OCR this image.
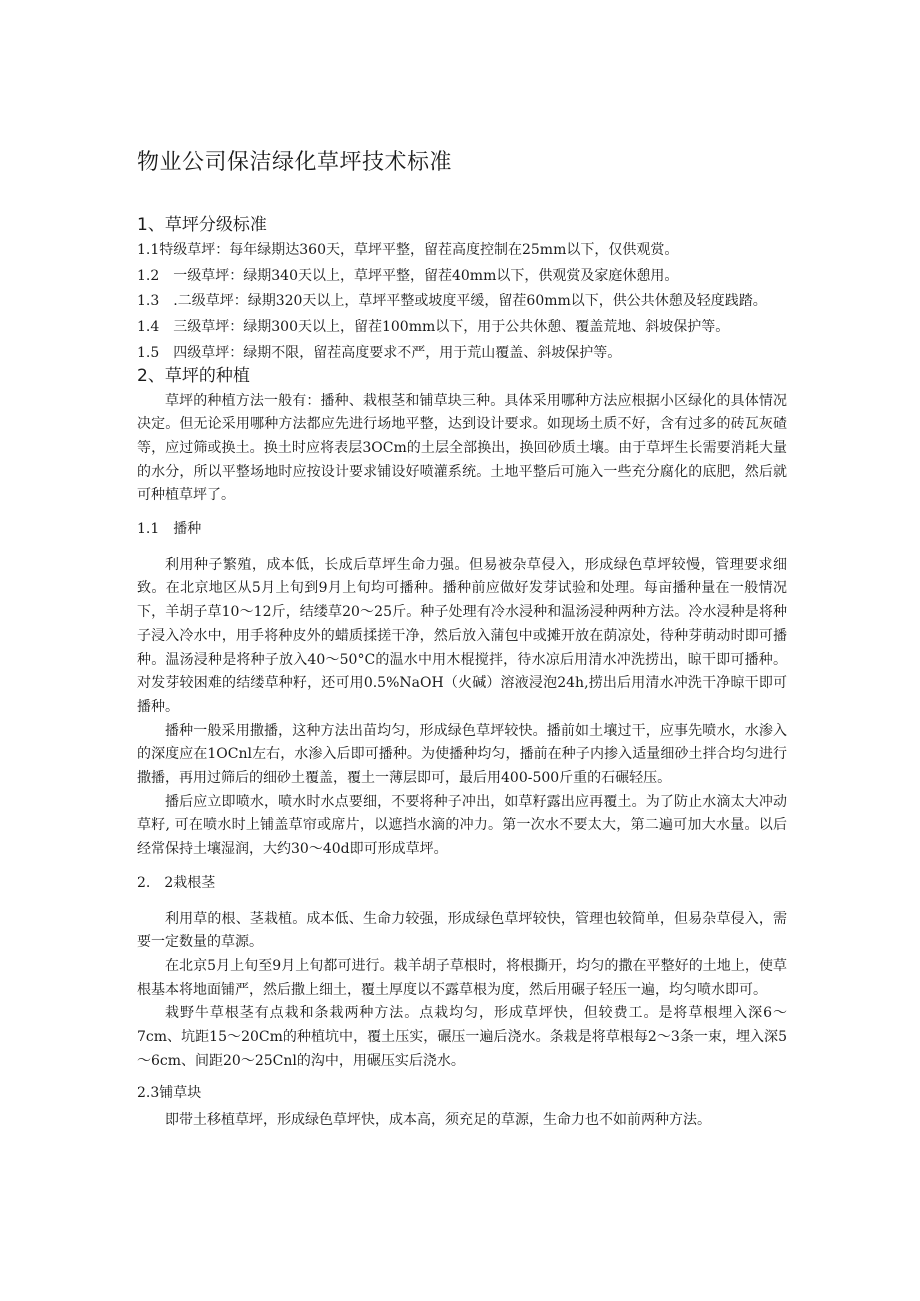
物业公司保洁绿化草坪技术标准
1、草坪分级标准
1.1特级草坪：每年绿期达360天，草坪平整，留茬高度控制在25mm以下，仅供观赏。
1.2　一级草坪：绿期340天以上，草坪平整，留茬40mm以下，供观赏及家庭休憩用。
1.3　.二级草坪：绿期320天以上，草坪平整或坡度平缓，留茬60mm以下，供公共休憩及轻度践踏。
1.4　三级草坪：绿期300天以上，留茬100mm以下，用于公共休憩、覆盖荒地、斜坡保护等。
1.5　四级草坪：绿期不限，留茬高度要求不严，用于荒山覆盖、斜坡保护等。
2、草坪的种植

草坪的种植方法一般有：播种、栽根茎和铺草块三种。具体采用哪种方法应根据小区绿化的具体情况决定。但无论采用哪种方法都应先进行场地平整，达到设计要求。如现场土质不好，含有过多的砖瓦灰碴等，应过筛或换土。换土时应将表层3OCm的土层全部换出，换回砂质土壤。由于草坪生长需要消耗大量的水分，所以平整场地时应按设计要求铺设好喷灌系统。土地平整后可施入一些充分腐化的底肥，然后就可种植草坪了。

1.1　播种

利用种子繁殖，成本低，长成后草坪生命力强。但易被杂草侵入，形成绿色草坪较慢，管理要求细致。在北京地区从5月上旬到9月上旬均可播种。播种前应做好发芽试验和处理。每亩播种量在一般情况下，羊胡子草10～12斤，结缕草20～25斤。种子处理有冷水浸种和温汤浸种两种方法。冷水浸种是将种子浸入冷水中，用手将种皮外的蜡质揉搓干净，然后放入蒲包中或摊开放在荫凉处，待种芽萌动时即可播种。温汤浸种是将种子放入40～50°C的温水中用木棍搅拌，待水凉后用清水冲洗捞出，晾干即可播种。对发芽较困难的结缕草种籽，还可用0.5%NaOH（火碱）溶液浸泡24h,捞出后用清水冲洗干净晾干即可播种。

播种一般采用撒播，这种方法出苗均匀，形成绿色草坪较快。播前如土壤过干，应事先喷水，水渗入的深度应在1OCnl左右，水渗入后即可播种。为使播种均匀，播前在种子内掺入适量细砂土拌合均匀进行撒播，再用过筛后的细砂土覆盖，覆土一薄层即可，最后用400-500斤重的石碾轻压。

播后应立即喷水，喷水时水点要细，不要将种子冲出，如草籽露出应再覆土。为了防止水滴太大冲动草籽, 可在喷水时上铺盖草帘或席片，以遮挡水滴的冲力。第一次水不要太大，第二遍可加大水量。以后经常保持土壤湿润，大约30～40d即可形成草坪。

2.　2栽根茎

利用草的根、茎栽植。成本低、生命力较强，形成绿色草坪较快，管理也较简单，但易杂草侵入，需要一定数量的草源。

在北京5月上旬至9月上旬都可进行。栽羊胡子草根时，将根撕开，均匀的撒在平整好的土地上，使草根基本将地面铺严，然后撒上细土，覆土厚度以不露草根为度，然后用碾子轻压一遍，均匀喷水即可。

栽野牛草根茎有点栽和条栽两种方法。点栽均匀，形成草坪快，但较费工。是将草根埋入深6～7cm、坑距15～20Cm的种植坑中，覆土压实，碾压一遍后浇水。条栽是将草根每2～3条一束，埋入深5～6cm、间距20～25Cnl的沟中，用碾压实后浇水。

2.3铺草块

即带土移植草坪，形成绿色草坪快，成本高，须充足的草源，生命力也不如前两种方法。
